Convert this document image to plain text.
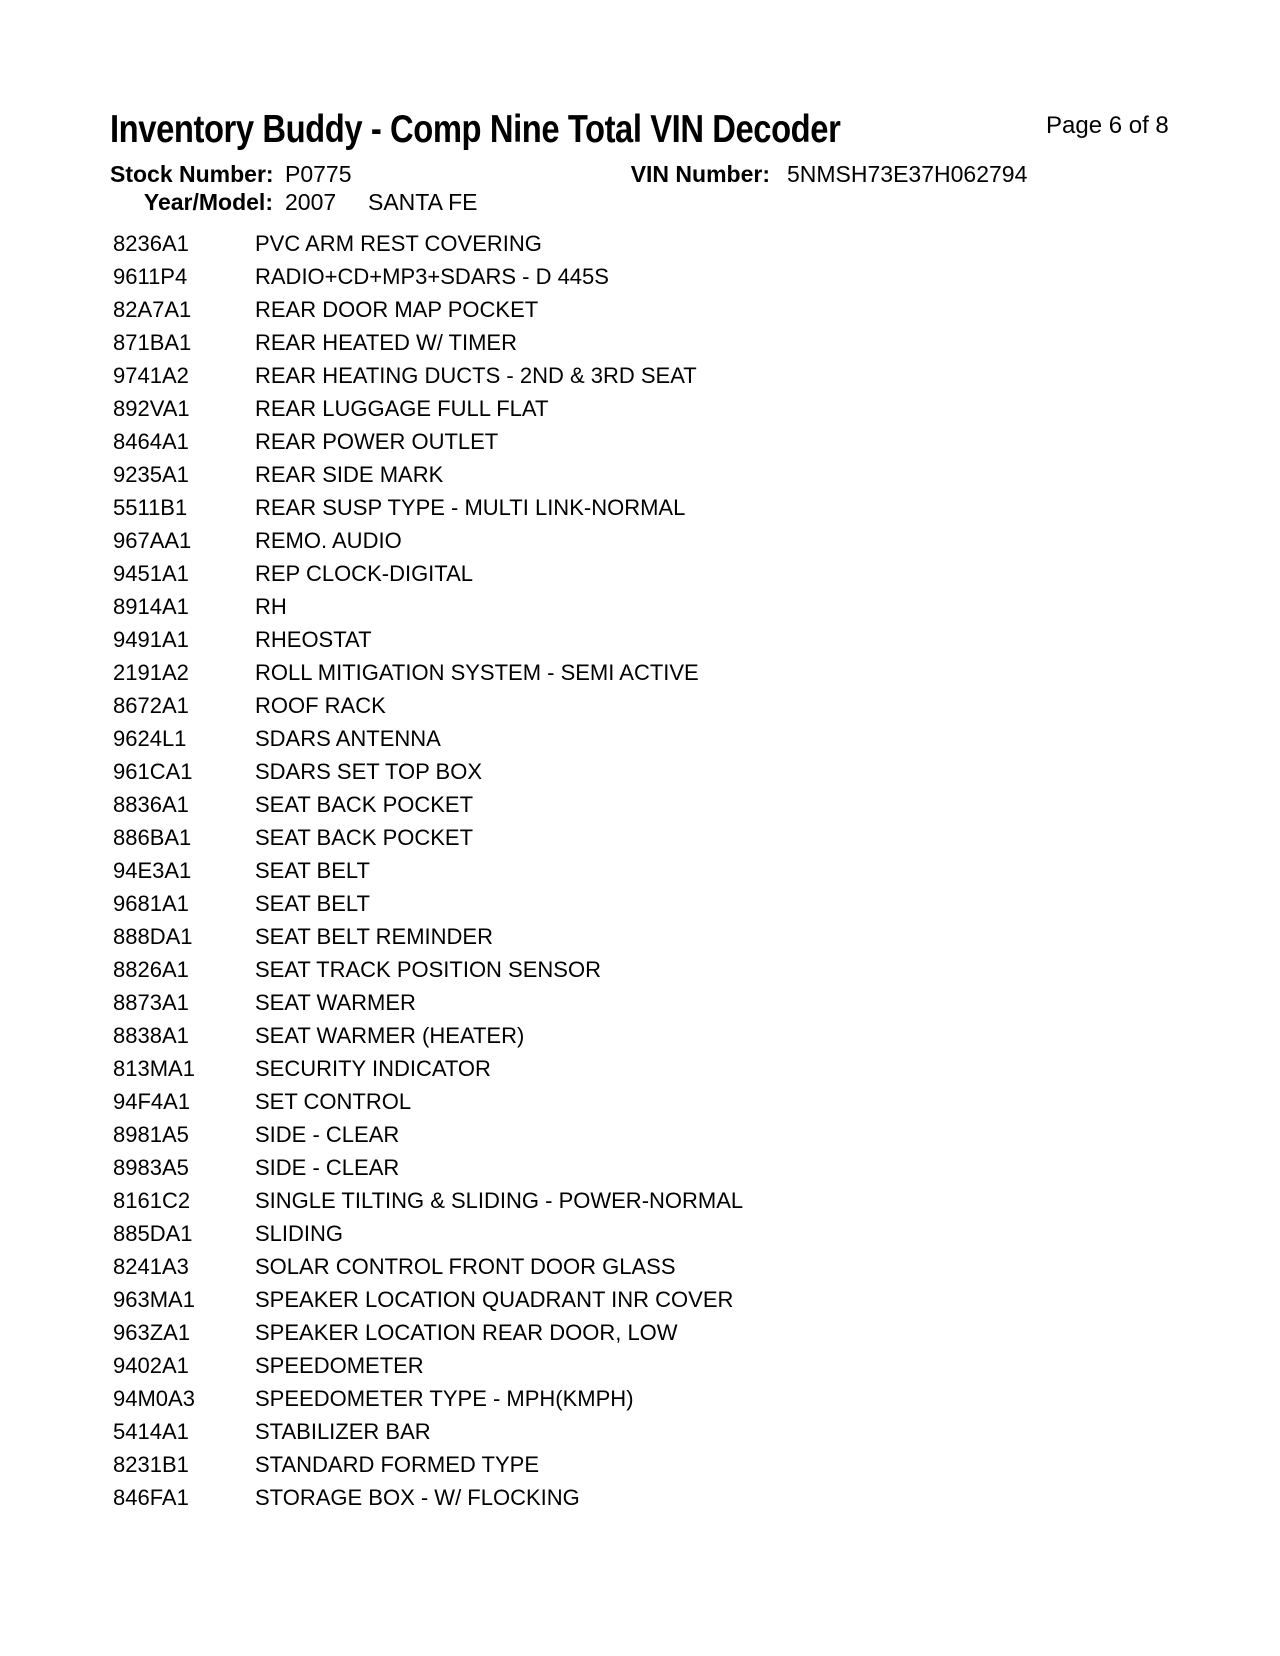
Inventory Buddy - Comp Nine Total VIN Decoder	Page 6 of 8
Stock Number: P0775	VIN Number: 5NMSH73E37H062794
Year/Model: 2007 SANTA FE
8236A1	PVC ARM REST COVERING
9611P4	RADIO+CD+MP3+SDARS - D 445S
82A7A1	REAR DOOR MAP POCKET
871BA1	REAR HEATED W/ TIMER
9741A2	REAR HEATING DUCTS - 2ND & 3RD SEAT
892VA1	REAR LUGGAGE FULL FLAT
8464A1	REAR POWER OUTLET
9235A1	REAR SIDE MARK
5511B1	REAR SUSP TYPE - MULTI LINK-NORMAL
967AA1	REMO. AUDIO
9451A1	REP CLOCK-DIGITAL
8914A1	RH
9491A1	RHEOSTAT
2191A2	ROLL MITIGATION SYSTEM - SEMI ACTIVE
8672A1	ROOF RACK
9624L1	SDARS ANTENNA
961CA1	SDARS SET TOP BOX
8836A1	SEAT BACK POCKET
886BA1	SEAT BACK POCKET
94E3A1	SEAT BELT
9681A1	SEAT BELT
888DA1	SEAT BELT REMINDER
8826A1	SEAT TRACK POSITION SENSOR
8873A1	SEAT WARMER
8838A1	SEAT WARMER (HEATER)
813MA1	SECURITY INDICATOR
94F4A1	SET CONTROL
8981A5	SIDE - CLEAR
8983A5	SIDE - CLEAR
8161C2	SINGLE TILTING & SLIDING - POWER-NORMAL
885DA1	SLIDING
8241A3	SOLAR CONTROL FRONT DOOR GLASS
963MA1	SPEAKER LOCATION QUADRANT INR COVER
963ZA1	SPEAKER LOCATION REAR DOOR, LOW
9402A1	SPEEDOMETER
94M0A3	SPEEDOMETER TYPE - MPH(KMPH)
5414A1	STABILIZER BAR
8231B1	STANDARD FORMED TYPE
846FA1	STORAGE BOX - W/ FLOCKING
